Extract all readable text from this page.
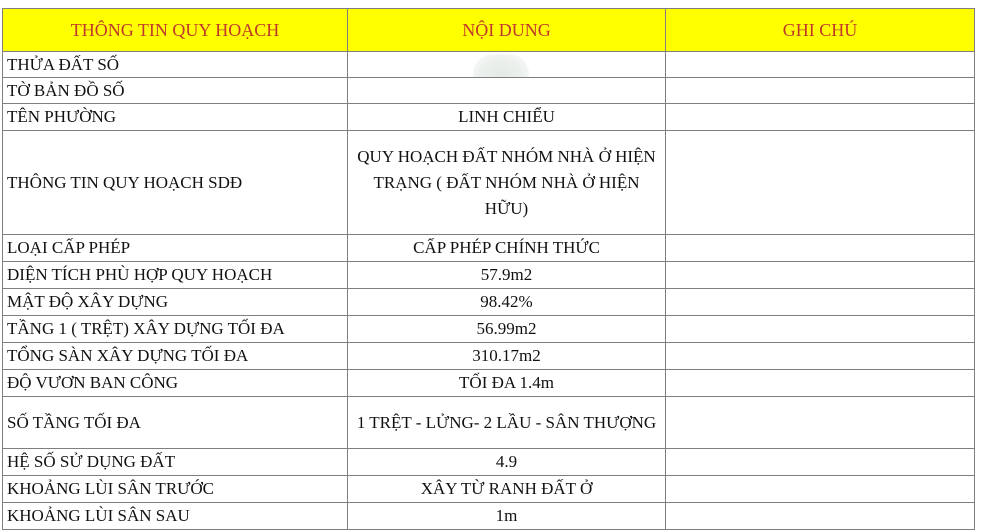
THÔNG TIN QUY HOẠCH	NỘI DUNG	GHI CHÚ
THỬA ĐẤT SỐ	

TỜ BẢN ĐỒ SỐ		
TÊN PHƯỜNG	LINH CHIỂU	
THÔNG TIN QUY HOẠCH SDĐ	QUY HOẠCH ĐẤT NHÓM NHÀ Ở HIỆN TRẠNG ( ĐẤT NHÓM NHÀ Ở HIỆN HỮU)	
LOẠI CẤP PHÉP	CẤP PHÉP CHÍNH THỨC	
DIỆN TÍCH PHÙ HỢP QUY HOẠCH	57.9m2	
MẬT ĐỘ XÂY DỰNG	98.42%	
TẦNG 1 ( TRỆT) XÂY DỰNG TỐI ĐA	56.99m2	
TỔNG SÀN XÂY DỰNG TỐI ĐA	310.17m2	
ĐỘ VƯƠN BAN CÔNG	TỐI ĐA 1.4m	
SỐ TẦNG TỐI ĐA	1 TRỆT - LỬNG- 2 LẦU - SÂN THƯỢNG	
HỆ SỐ SỬ DỤNG ĐẤT	4.9	
KHOẢNG LÙI SÂN TRƯỚC	XÂY TỪ RANH ĐẤT Ở	
KHOẢNG LÙI SÂN SAU	1m	
